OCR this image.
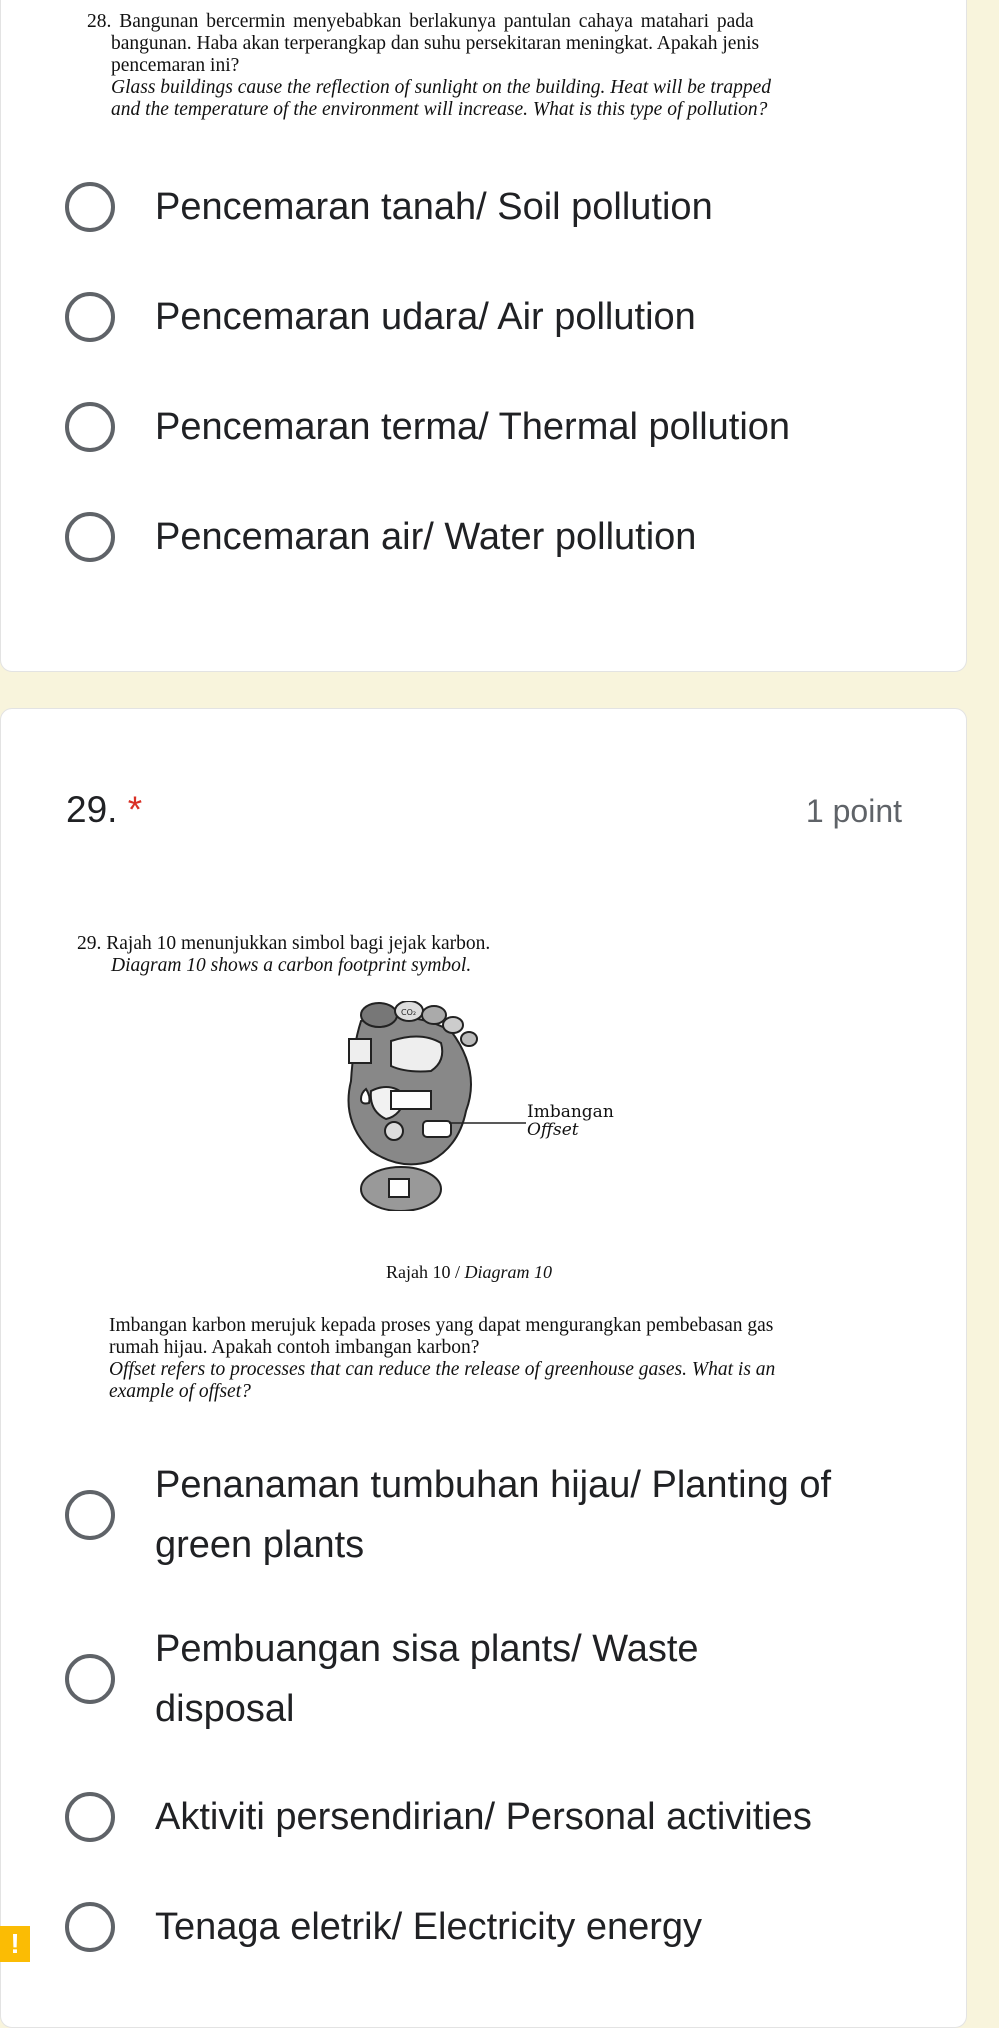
28. Bangunan bercermin menyebabkan berlakunya pantulan cahaya matahari pada
bangunan. Haba akan terperangkap dan suhu persekitaran meningkat. Apakah jenis
pencemaran ini?
Glass buildings cause the reflection of sunlight on the building. Heat will be trapped
and the temperature of the environment will increase. What is this type of pollution?
Pencemaran tanah/ Soil pollution
Pencemaran udara/ Air pollution
Pencemaran terma/ Thermal pollution
Pencemaran air/ Water pollution
29. *	1 point
29. Rajah 10 menunjukkan simbol bagi jejak karbon.
Diagram 10 shows a carbon footprint symbol.
CO₂
Imbangan
Offset
Rajah 10 / Diagram 10
Imbangan karbon merujuk kepada proses yang dapat mengurangkan pembebasan gas
rumah hijau. Apakah contoh imbangan karbon?
Offset refers to processes that can reduce the release of greenhouse gases. What is an
example of offset?
Penanaman tumbuhan hijau/ Planting of green plants
Pembuangan sisa plants/ Waste disposal
Aktiviti persendirian/ Personal activities
Tenaga eletrik/ Electricity energy
!
